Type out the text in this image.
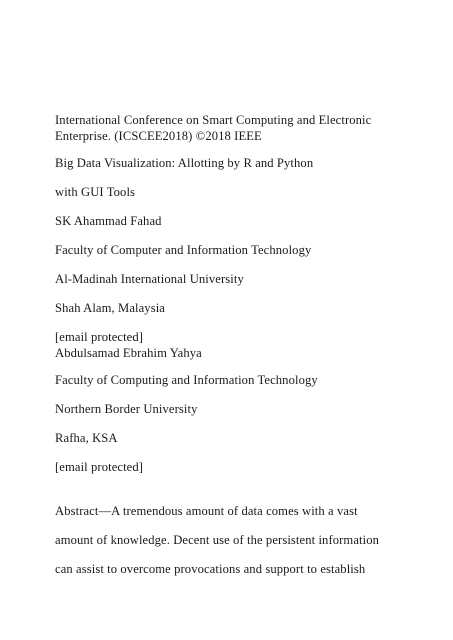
International Conference on Smart Computing and Electronic
Enterprise. (ICSCEE2018) ©2018 IEEE
Big Data Visualization: Allotting by R and Python
with GUI Tools
SK Ahammad Fahad
Faculty of Computer and Information Technology
Al-Madinah International University
Shah Alam, Malaysia
[email protected]
Abdulsamad Ebrahim Yahya
Faculty of Computing and Information Technology
Northern Border University
Rafha, KSA
[email protected]
Abstract—A tremendous amount of data comes with a vast
amount of knowledge. Decent use of the persistent information
can assist to overcome provocations and support to establish
